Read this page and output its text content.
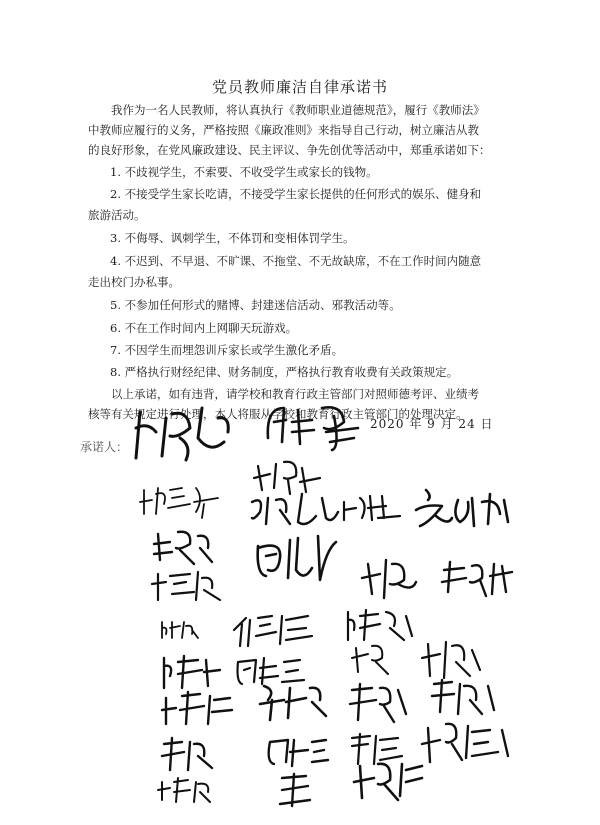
党员教师廉洁自律承诺书

我作为一名人民教师，将认真执行《教师职业道德规范》，履行《教师法》

中教师应履行的义务，严格按照《廉政准则》来指导自己行动，树立廉洁从教

的良好形象，在党风廉政建设、民主评议、争先创优等活动中，郑重承诺如下：

1. 不歧视学生，不索要、不收受学生或家长的钱物。

2. 不接受学生家长吃请，不接受学生家长提供的任何形式的娱乐、健身和

旅游活动。

3. 不侮辱、讽刺学生，不体罚和变相体罚学生。

4. 不迟到、不早退、不旷课、不拖堂、不无故缺席，不在工作时间内随意

走出校门办私事。

5. 不参加任何形式的赌博、封建迷信活动、邪教活动等。

6. 不在工作时间内上网聊天玩游戏。

7. 不因学生而埋怨训斥家长或学生激化矛盾。

8. 严格执行财经纪律、财务制度，严格执行教育收费有关政策规定。

以上承诺，如有违背，请学校和教育行政主管部门对照师德考评、业绩考

核等有关规定进行处理，本人将服从学校和教育行政主管部门的处理决定。

2020 年 9 月 24 日
承诺人：
